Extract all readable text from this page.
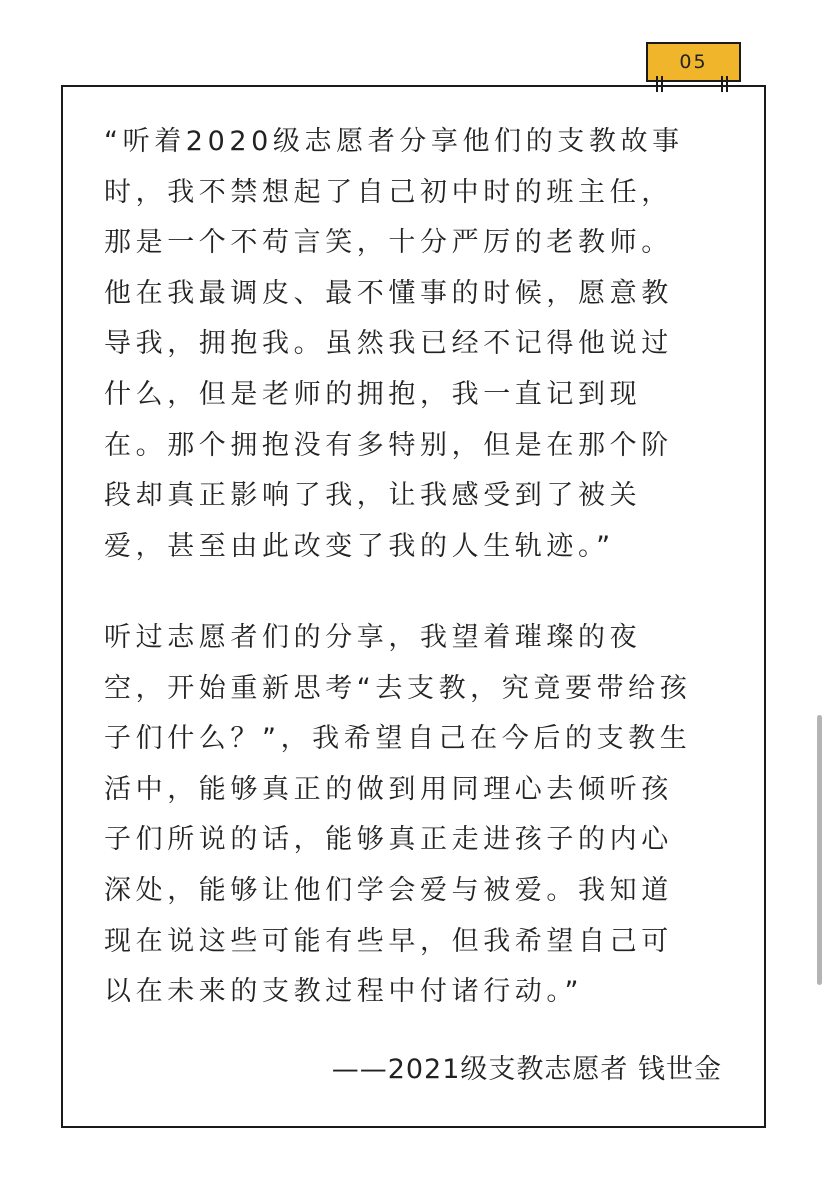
05

“听着2020级志愿者分享他们的支教故事
时，我不禁想起了自己初中时的班主任，
那是一个不苟言笑，十分严厉的老教师。
他在我最调皮、最不懂事的时候，愿意教
导我，拥抱我。虽然我已经不记得他说过
什么，但是老师的拥抱，我一直记到现
在。那个拥抱没有多特别，但是在那个阶
段却真正影响了我，让我感受到了被关
爱，甚至由此改变了我的人生轨迹。”

听过志愿者们的分享，我望着璀璨的夜
空，开始重新思考“去支教，究竟要带给孩
子们什么？”，我希望自己在今后的支教生
活中，能够真正的做到用同理心去倾听孩
子们所说的话，能够真正走进孩子的内心
深处，能够让他们学会爱与被爱。我知道
现在说这些可能有些早，但我希望自己可
以在未来的支教过程中付诸行动。”

——2021级支教志愿者 钱世金
